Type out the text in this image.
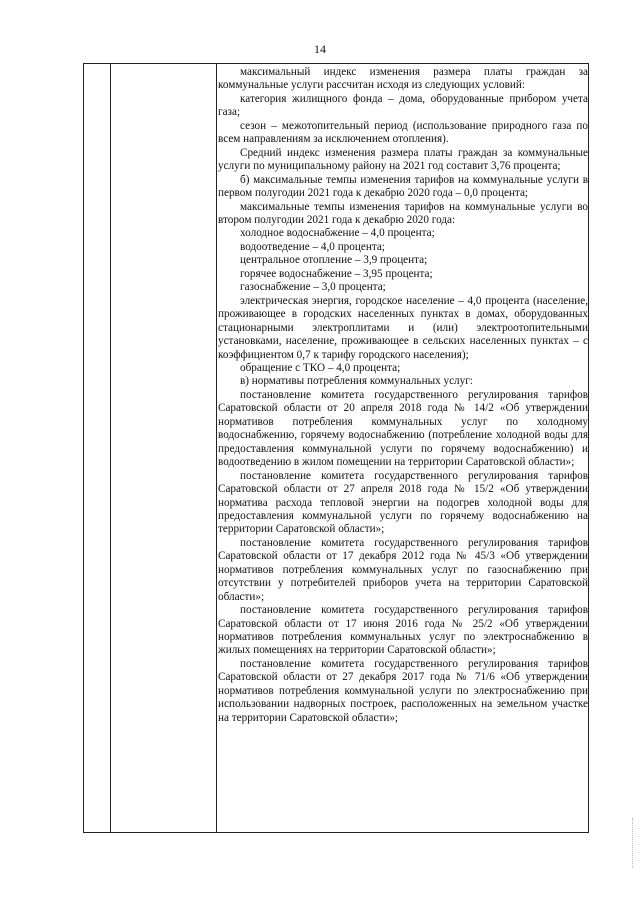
14

максимальный индекс изменения размера платы граждан за коммунальные услуги рассчитан исходя из следующих условий:

категория жилищного фонда – дома, оборудованные прибором учета газа;

сезон – межотопительный период (использование природного газа по всем направлениям за исключением отопления).

Средний индекс изменения размера платы граждан за коммунальные услуги по муниципальному району на 2021 год составит 3,76 процента;

б) максимальные темпы изменения тарифов на коммунальные услуги в первом полугодии 2021 года к декабрю 2020 года – 0,0 процента;

максимальные темпы изменения тарифов на коммунальные услуги во втором полугодии 2021 года к декабрю 2020 года:

холодное водоснабжение – 4,0 процента;

водоотведение – 4,0 процента;

центральное отопление – 3,9 процента;

горячее водоснабжение – 3,95 процента;

газоснабжение – 3,0 процента;

электрическая энергия, городское население – 4,0 процента (население, проживающее в городских населенных пунктах в домах, оборудованных стационарными электроплитами и (или) электроотопительными установками, население, проживающее в сельских населенных пунктах – с коэффициентом 0,7 к тарифу городского населения);

обращение с ТКО – 4,0 процента;

в) нормативы потребления коммунальных услуг:

постановление комитета государственного регулирования тарифов Саратовской области от 20 апреля 2018 года № 14/2 «Об утверждении нормативов потребления коммунальных услуг по холодному водоснабжению, горячему водоснабжению (потребление холодной воды для предоставления коммунальной услуги по горячему водоснабжению) и водоотведению в жилом помещении на территории Саратовской области»;

постановление комитета государственного регулирования тарифов Саратовской области от 27 апреля 2018 года № 15/2 «Об утверждении норматива расхода тепловой энергии на подогрев холодной воды для предоставления коммунальной услуги по горячему водоснабжению на территории Саратовской области»;

постановление комитета государственного регулирования тарифов Саратовской области от 17 декабря 2012 года № 45/3 «Об утверждении нормативов потребления коммунальных услуг по газоснабжению при отсутствии у потребителей приборов учета на территории Саратовской области»;

постановление комитета государственного регулирования тарифов Саратовской области от 17 июня 2016 года № 25/2 «Об утверждении нормативов потребления коммунальных услуг по электроснабжению в жилых помещениях на территории Саратовской области»;

постановление комитета государственного регулирования тарифов Саратовской области от 27 декабря 2017 года № 71/6 «Об утверждении нормативов потребления коммунальной услуги по электроснабжению при использовании надворных построек, расположенных на земельном участке на территории Саратовской области»;
